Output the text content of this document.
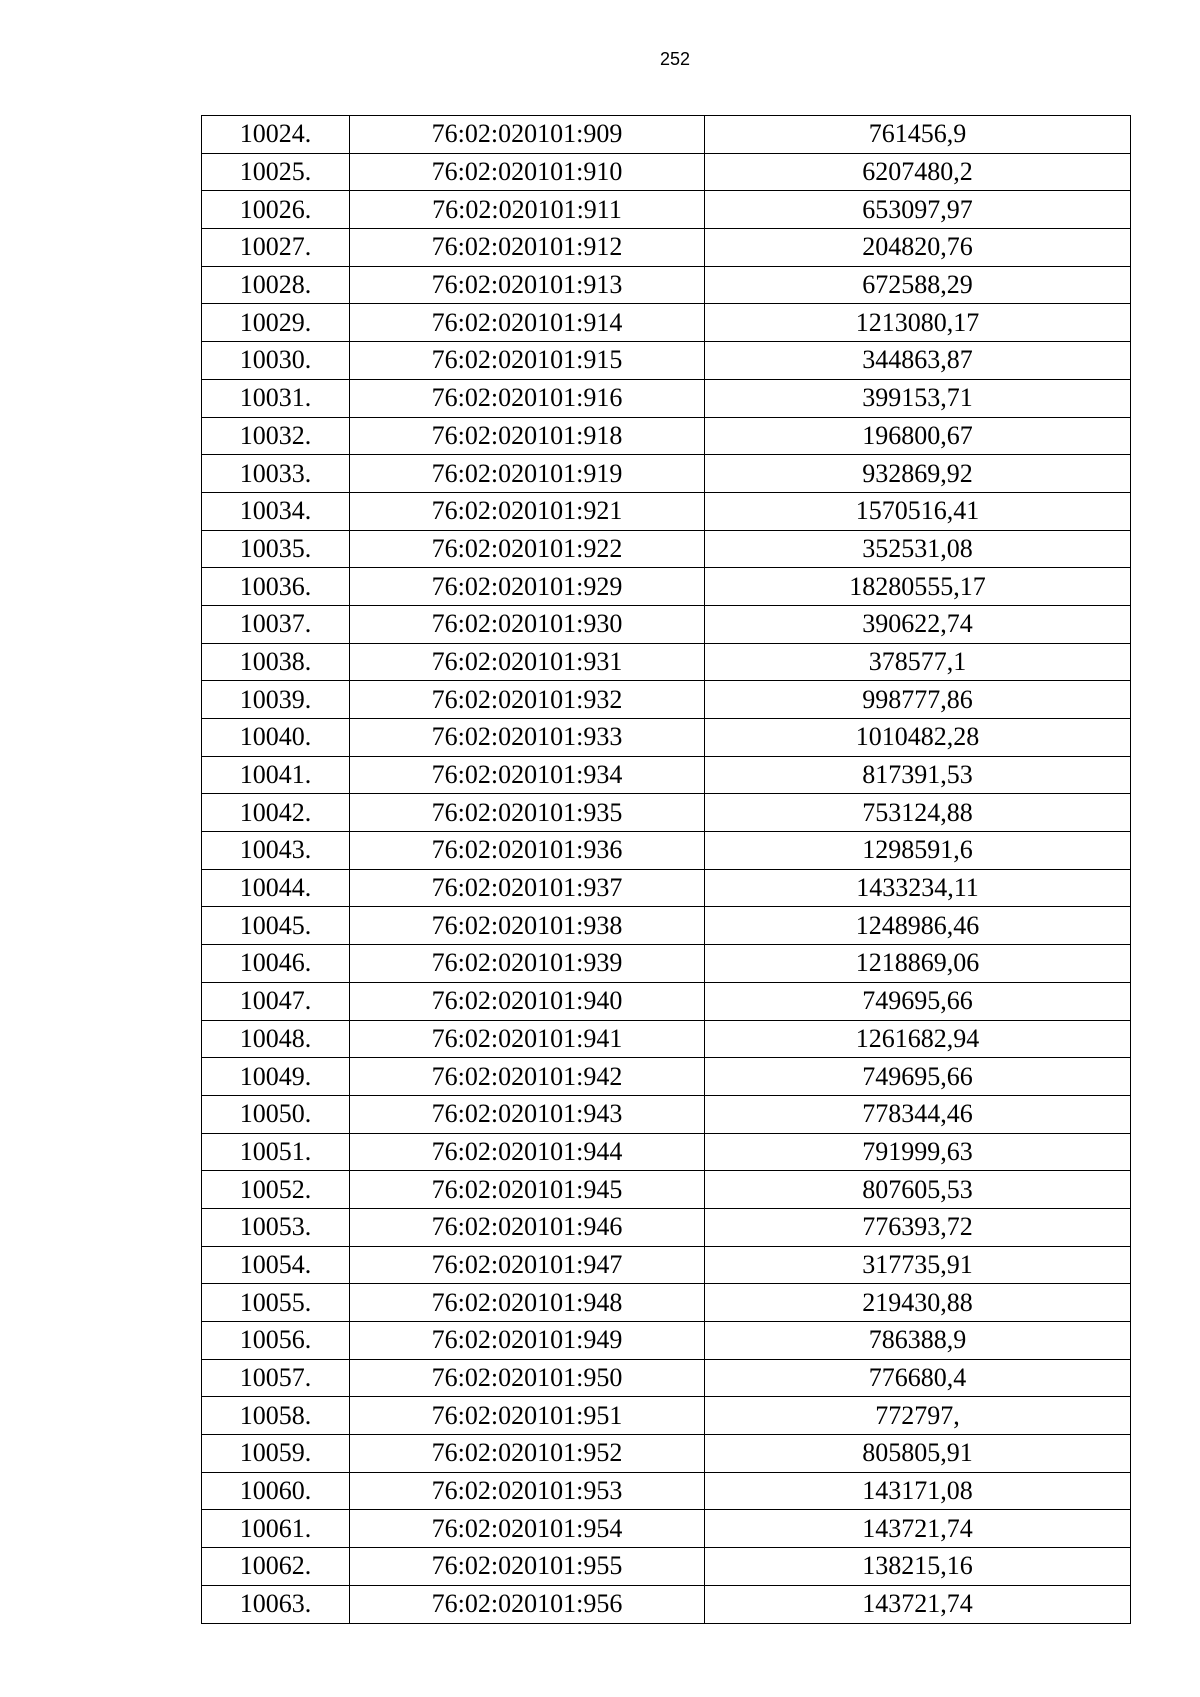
252
10024.	76:02:020101:909	761456,9
10025.	76:02:020101:910	6207480,2
10026.	76:02:020101:911	653097,97
10027.	76:02:020101:912	204820,76
10028.	76:02:020101:913	672588,29
10029.	76:02:020101:914	1213080,17
10030.	76:02:020101:915	344863,87
10031.	76:02:020101:916	399153,71
10032.	76:02:020101:918	196800,67
10033.	76:02:020101:919	932869,92
10034.	76:02:020101:921	1570516,41
10035.	76:02:020101:922	352531,08
10036.	76:02:020101:929	18280555,17
10037.	76:02:020101:930	390622,74
10038.	76:02:020101:931	378577,1
10039.	76:02:020101:932	998777,86
10040.	76:02:020101:933	1010482,28
10041.	76:02:020101:934	817391,53
10042.	76:02:020101:935	753124,88
10043.	76:02:020101:936	1298591,6
10044.	76:02:020101:937	1433234,11
10045.	76:02:020101:938	1248986,46
10046.	76:02:020101:939	1218869,06
10047.	76:02:020101:940	749695,66
10048.	76:02:020101:941	1261682,94
10049.	76:02:020101:942	749695,66
10050.	76:02:020101:943	778344,46
10051.	76:02:020101:944	791999,63
10052.	76:02:020101:945	807605,53
10053.	76:02:020101:946	776393,72
10054.	76:02:020101:947	317735,91
10055.	76:02:020101:948	219430,88
10056.	76:02:020101:949	786388,9
10057.	76:02:020101:950	776680,4
10058.	76:02:020101:951	772797,
10059.	76:02:020101:952	805805,91
10060.	76:02:020101:953	143171,08
10061.	76:02:020101:954	143721,74
10062.	76:02:020101:955	138215,16
10063.	76:02:020101:956	143721,74
